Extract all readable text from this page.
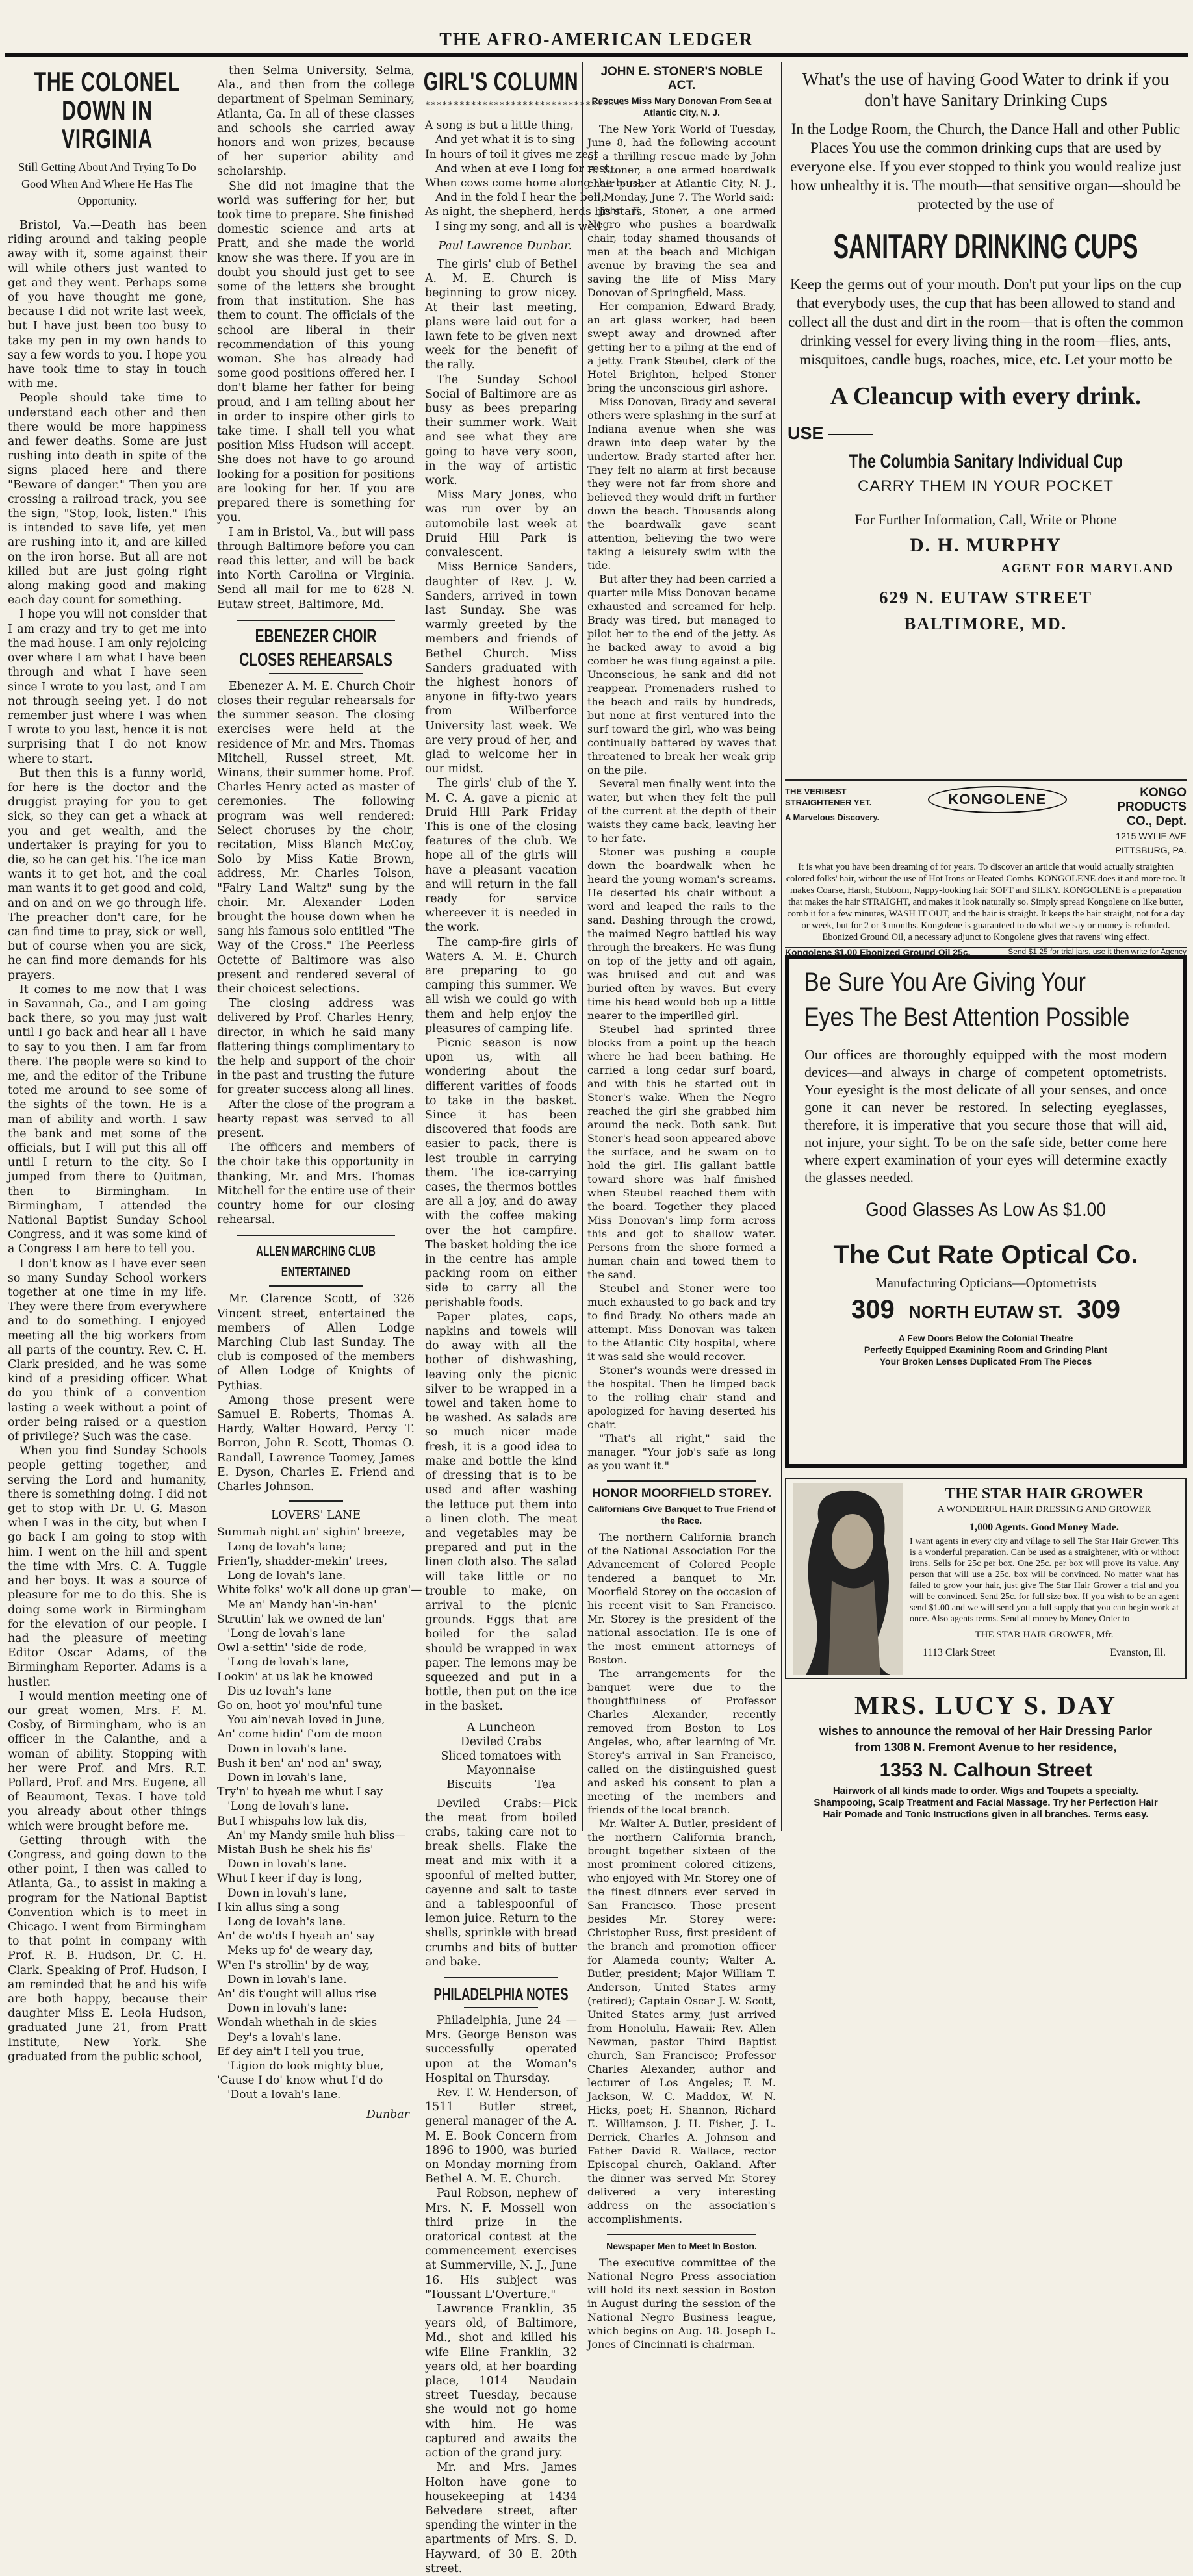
THE AFRO-AMERICAN LEDGER
THE COLONEL DOWN IN VIRGINIA
Still Getting About And Trying To Do Good When And Where He Has The Opportunity.

Bristol, Va.—Death has been riding around and taking people away with it, some against their will while others just wanted to get and they went. Perhaps some of you have thought me gone, because I did not write last week, but I have just been too busy to take my pen in my own hands to say a few words to you. I hope you have took time to stay in touch with me.

People should take time to understand each other and then there would be more happiness and fewer deaths. Some are just rushing into death in spite of the signs placed here and there "Beware of danger." Then you are crossing a railroad track, you see the sign, "Stop, look, listen." This is intended to save life, yet men are rushing into it, and are killed on the iron horse. But all are not killed but are just going right along making good and making each day count for something.

I hope you will not consider that I am crazy and try to get me into the mad house. I am only rejoicing over where I am what I have been through and what I have seen since I wrote to you last, and I am not through seeing yet. I do not remember just where I was when I wrote to you last, hence it is not surprising that I do not know where to start.

But then this is a funny world, for here is the doctor and the druggist praying for you to get sick, so they can get a whack at you and get wealth, and the undertaker is praying for you to die, so he can get his. The ice man wants it to get hot, and the coal man wants it to get good and cold, and on and on we go through life. The preacher don't care, for he can find time to pray, sick or well, but of course when you are sick, he can find more demands for his prayers.

It comes to me now that I was in Savannah, Ga., and I am going back there, so you may just wait until I go back and hear all I have to say to you then. I am far from there. The people were so kind to me, and the editor of the Tribune toted me around to see some of the sights of the town. He is a man of ability and worth. I saw the bank and met some of the officials, but I will put this all off until I return to the city. So I jumped from there to Quitman, then to Birmingham. In Birmingham, I attended the National Baptist Sunday School Congress, and it was some kind of a Congress I am here to tell you.

I don't know as I have ever seen so many Sunday School workers together at one time in my life. They were there from everywhere and to do something. I enjoyed meeting all the big workers from all parts of the country. Rev. C. H. Clark presided, and he was some kind of a presiding officer. What do you think of a convention lasting a week without a point of order being raised or a question of privilege? Such was the case.

When you find Sunday Schools people getting together, and serving the Lord and humanity, there is something doing. I did not get to stop with Dr. U. G. Mason when I was in the city, but when I go back I am going to stop with him. I went on the hill and spent the time with Mrs. C. A. Tuggle and her boys. It was a source of pleasure for me to do this. She is doing some work in Birmingham for the elevation of our people. I had the pleasure of meeting Editor Oscar Adams, of the Birmingham Reporter. Adams is a hustler.

I would mention meeting one of our great women, Mrs. F. M. Cosby, of Birmingham, who is an officer in the Calanthe, and a woman of ability. Stopping with her were Prof. and Mrs. R.T. Pollard, Prof. and Mrs. Eugene, all of Beaumont, Texas. I have told you already about other things which were brought before me.

Getting through with the Congress, and going down to the other point, I then was called to Atlanta, Ga., to assist in making a program for the National Baptist Convention which is to meet in Chicago. I went from Birmingham to that point in company with Prof. R. B. Hudson, Dr. C. H. Clark. Speaking of Prof. Hudson, I am reminded that he and his wife are both happy, because their daughter Miss E. Leola Hudson, graduated June 21, from Pratt Institute, New York. She graduated from the public school,

then Selma University, Selma, Ala., and then from the college department of Spelman Seminary, Atlanta, Ga. In all of these classes and schools she carried away honors and won prizes, because of her superior ability and scholarship.

She did not imagine that the world was suffering for her, but took time to prepare. She finished domestic science and arts at Pratt, and she made the world know she was there. If you are in doubt you should just get to see some of the letters she brought from that institution. She has them to count. The officials of the school are liberal in their recommendation of this young woman. She has already had some good positions offered her. I don't blame her father for being proud, and I am telling about her in order to inspire other girls to take time. I shall tell you what position Miss Hudson will accept. She does not have to go around looking for a position for positions are looking for her. If you are prepared there is something for you.

I am in Bristol, Va., but will pass through Baltimore before you can read this letter, and will be back into North Carolina or Virginia. Send all mail for me to 628 N. Eutaw street, Baltimore, Md.

EBENEZER CHOIR
CLOSES REHEARSALS

Ebenezer A. M. E. Church Choir closes their regular rehearsals for the summer season. The closing exercises were held at the residence of Mr. and Mrs. Thomas Mitchell, Russel street, Mt. Winans, their summer home. Prof. Charles Henry acted as master of ceremonies. The following program was well rendered: Select choruses by the choir, recitation, Miss Blanch McCoy, Solo by Miss Katie Brown, address, Mr. Charles Tolson, "Fairy Land Waltz" sung by the choir. Mr. Alexander Loden brought the house down when he sang his famous solo entitled "The Way of the Cross." The Peerless Octette of Baltimore was also present and rendered several of their choicest selections.

The closing address was delivered by Prof. Charles Henry, director, in which he said many flattering things complimentary to the help and support of the choir in the past and trusting the future for greater success along all lines.

After the close of the program a hearty repast was served to all present.

The officers and members of the choir take this opportunity in thanking, Mr. and Mrs. Thomas Mitchell for the entire use of their country home for our closing rehearsal.

ALLEN MARCHING CLUB ENTERTAINED

Mr. Clarence Scott, of 326 Vincent street, entertained the members of Allen Lodge Marching Club last Sunday. The club is composed of the members of Allen Lodge of Knights of Pythias.

Among those present were Samuel E. Roberts, Thomas A. Hardy, Walter Howard, Percy T. Borron, John R. Scott, Thomas O. Randall, Lawrence Toomey, James E. Dyson, Charles E. Friend and Charles Johnson.

LOVERS' LANE
Summah night an' sighin' breeze,
Long de lovah's lane;
Frien'ly, shadder-mekin' trees,
Long de lovah's lane.
White folks' wo'k all done up gran'—
Me an' Mandy han'-in-han'
Struttin' lak we owned de lan'
'Long de lovah's lane
Owl a-settin' 'side de rode,
'Long de lovah's lane,
Lookin' at us lak he knowed
Dis uz lovah's lane
Go on, hoot yo' mou'nful tune
You ain'nevah loved in June,
An' come hidin' f'om de moon
Down in lovah's lane.
Bush it ben' an' nod an' sway,
Down in lovah's lane,
Try'n' to hyeah me whut I say
'Long de lovah's lane.
But I whispahs low lak dis,
An' my Mandy smile huh bliss—
Mistah Bush he shek his fis'
Down in lovah's lane.
Whut I keer if day is long,
Down in lovah's lane,
I kin allus sing a song
Long de lovah's lane.
An' de wo'ds I hyeah an' say
Meks up fo' de weary day,
W'en I's strollin' by de way,
Down in lovah's lane.
An' dis t'ought will allus rise
Down in lovah's lane:
Wondah whethah in de skies
Dey's a lovah's lane.
Ef dey ain't I tell you true,
'Ligion do look mighty blue,
'Cause I do' know whut I'd do
'Dout a lovah's lane.
Dunbar
GIRL'S COLUMN
***********************************
A song is but a little thing,
And yet what it is to sing
In hours of toil it gives me zest
And when at eve I long for rest;
When cows come home along the bars,
And in the fold I hear the bell,
As night, the shepherd, herds his stars,
I sing my song, and all is well
Paul Lawrence Dunbar.

The girls' club of Bethel A. M. E. Church is beginning to grow nicey. At their last meeting, plans were laid out for a lawn fete to be given next week for the benefit of the rally.

The Sunday School Social of Baltimore are as busy as bees preparing their summer work. Wait and see what they are going to have very soon, in the way of artistic work.

Miss Mary Jones, who was run over by an automobile last week at Druid Hill Park is convalescent.

Miss Bernice Sanders, daughter of Rev. J. W. Sanders, arrived in town last Sunday. She was warmly greeted by the members and friends of Bethel Church. Miss Sanders graduated with the highest honors of anyone in fifty-two years from Wilberforce University last week. We are very proud of her, and glad to welcome her in our midst.

The girls' club of the Y. M. C. A. gave a picnic at Druid Hill Park Friday This is one of the closing features of the club. We hope all of the girls will have a pleasant vacation and will return in the fall ready for service whereever it is needed in the work.

The camp-fire girls of Waters A. M. E. Church are preparing to go camping this summer. We all wish we could go with them and help enjoy the pleasures of camping life.

Picnic season is now upon us, with all wondering about the different varities of foods to take in the basket. Since it has been discovered that foods are easier to pack, there is lest trouble in carrying them. The ice-carrying cases, the thermos bottles are all a joy, and do away with the coffee making over the hot campfire. The basket holding the ice in the centre has ample packing room on either side to carry all the perishable foods.

Paper plates, caps, napkins and towels will do away with all the bother of dishwashing, leaving only the picnic silver to be wrapped in a towel and taken home to be washed. As salads are so much nicer made fresh, it is a good idea to make and bottle the kind of dressing that is to be used and after washing the lettuce put them into a linen cloth. The meat and vegetables may be prepared and put in the linen cloth also. The salad will take little or no trouble to make, on arrival to the picnic grounds. Eggs that are boiled for the salad should be wrapped in wax paper. The lemons may be squeezed and put in a bottle, then put on the ice in the basket.

A Luncheon
Deviled Crabs
Sliced tomatoes with Mayonnaise
Biscuits	Tea

Deviled Crabs:—Pick the meat from boiled crabs, taking care not to break shells. Flake the meat and mix with it a spoonful of melted butter, cayenne and salt to taste and a tablespoonful of lemon juice. Return to the shells, sprinkle with bread crumbs and bits of butter and bake.

PHILADELPHIA NOTES

Philadelphia, June 24 — Mrs. George Benson was successfully operated upon at the Woman's Hospital on Thursday.

Rev. T. W. Henderson, of 1511 Butler street, general manager of the A. M. E. Book Concern from 1896 to 1900, was buried on Monday morning from Bethel A. M. E. Church.

Paul Robson, nephew of Mrs. N. F. Mossell won third prize in the oratorical contest at the commencement exercises at Summerville, N. J., June 16. His subject was "Toussant L'Overture."

Lawrence Franklin, 35 years old, of Baltimore, Md., shot and killed his wife Eline Franklin, 32 years old, at her boarding place, 1014 Naudain street Tuesday, because she would not go home with him. He was captured and awaits the action of the grand jury.

Mr. and Mrs. James Holton have gone to housekeeping at 1434 Belvedere street, after spending the winter in the apartments of Mrs. S. D. Hayward, of 30 E. 20th street.

JOHN E. STONER'S NOBLE ACT.
Rescues Miss Mary Donovan From Sea at Atlantic City, N. J.

The New York World of Tuesday, June 8, had the following account of a thrilling rescue made by John E. Stoner, a one armed boardwalk chair pusher at Atlantic City, N. J., on Monday, June 7. The World said:

John E. Stoner, a one armed Negro who pushes a boardwalk chair, today shamed thousands of men at the beach and Michigan avenue by braving the sea and saving the life of Miss Mary Donovan of Springfield, Mass.

Her companion, Edward Brady, an art glass worker, had been swept away and drowned after getting her to a piling at the end of a jetty. Frank Steubel, clerk of the Hotel Brighton, helped Stoner bring the unconscious girl ashore.

Miss Donovan, Brady and several others were splashing in the surf at Indiana avenue when she was drawn into deep water by the undertow. Brady started after her. They felt no alarm at first because they were not far from shore and believed they would drift in further down the beach. Thousands along the boardwalk gave scant attention, believing the two were taking a leisurely swim with the tide.

But after they had been carried a quarter mile Miss Donovan became exhausted and screamed for help. Brady was tired, but managed to pilot her to the end of the jetty. As he backed away to avoid a big comber he was flung against a pile. Unconscious, he sank and did not reappear. Promenaders rushed to the beach and rails by hundreds, but none at first ventured into the surf toward the girl, who was being continually battered by waves that threatened to break her weak grip on the pile.

Several men finally went into the water, but when they felt the pull of the current at the depth of their waists they came back, leaving her to her fate.

Stoner was pushing a couple down the boardwalk when he heard the young woman's screams. He deserted his chair without a word and leaped the rails to the sand. Dashing through the crowd, the maimed Negro battled his way through the breakers. He was flung on top of the jetty and off again, was bruised and cut and was buried often by waves. But every time his head would bob up a little nearer to the imperilled girl.

Steubel had sprinted three blocks from a point up the beach where he had been bathing. He carried a long cedar surf board, and with this he started out in Stoner's wake. When the Negro reached the girl she grabbed him around the neck. Both sank. But Stoner's head soon appeared above the surface, and he swam on to hold the girl. His gallant battle toward shore was half finished when Steubel reached them with the board. Together they placed Miss Donovan's limp form across this and got to shallow water. Persons from the shore formed a human chain and towed them to the sand.

Steubel and Stoner were too much exhausted to go back and try to find Brady. No others made an attempt. Miss Donovan was taken to the Atlantic City hospital, where it was said she would recover.

Stoner's wounds were dressed in the hospital. Then he limped back to the rolling chair stand and apologized for having deserted his chair.

"That's all right," said the manager. "Your job's safe as long as you want it."

HONOR MOORFIELD STOREY.
Californians Give Banquet to True Friend of the Race.

The northern California branch of the National Association For the Advancement of Colored People tendered a banquet to Mr. Moorfield Storey on the occasion of his recent visit to San Francisco. Mr. Storey is the president of the national association. He is one of the most eminent attorneys of Boston.

The arrangements for the banquet were due to the thoughtfulness of Professor Charles Alexander, recently removed from Boston to Los Angeles, who, after learning of Mr. Storey's arrival in San Francisco, called on the distinguished guest and asked his consent to plan a meeting of the members and friends of the local branch.

Mr. Walter A. Butler, president of the northern California branch, brought together sixteen of the most prominent colored citizens, who enjoyed with Mr. Storey one of the finest dinners ever served in San Francisco. Those present besides Mr. Storey were: Christopher Russ, first president of the branch and promotion officer for Alameda county; Walter A. Butler, president; Major William T. Anderson, United States army (retired); Captain Oscar J. W. Scott, United States army, just arrived from Honolulu, Hawaii; Rev. Allen Newman, pastor Third Baptist church, San Francisco; Professor Charles Alexander, author and lecturer of Los Angeles; F. M. Jackson, W. C. Maddox, W. N. Hicks, poet; H. Shannon, Richard E. Williamson, J. H. Fisher, J. L. Derrick, Charles A. Johnson and Father David R. Wallace, rector Episcopal church, Oakland. After the dinner was served Mr. Storey delivered a very interesting address on the association's accomplishments.

Newspaper Men to Meet In Boston.

The executive committee of the National Negro Press association will hold its next session in Boston in August during the session of the National Negro Business league, which begins on Aug. 18. Joseph L. Jones of Cincinnati is chairman.

What's the use of having Good Water to drink if you don't have Sanitary Drinking Cups
In the Lodge Room, the Church, the Dance Hall and other Public Places You use the common drinking cups that are used by everyone else. If you ever stopped to think you would realize just how unhealthy it is. The mouth—that sensitive organ—should be protected by the use of
SANITARY DRINKING CUPS
Keep the germs out of your mouth. Don't put your lips on the cup that everybody uses, the cup that has been allowed to stand and collect all the dust and dirt in the room—that is often the common drinking vessel for every living thing in the room—flies, ants, misquitoes, candle bugs, roaches, mice, etc. Let your motto be
A Cleancup with every drink.
USE
The Columbia Sanitary Individual Cup
CARRY THEM IN YOUR POCKET
For Further Information, Call, Write or Phone
D. H. MURPHY
AGENT FOR MARYLAND
629 N. EUTAW STREET
BALTIMORE, MD.
THE VERIBEST
STRAIGHTENER YET.
A Marvelous Discovery.
KONGOLENE	KONGO
PRODUCTS
CO., Dept.
1215 WYLIE AVE
PITTSBURG, PA.
It is what you have been dreaming of for years. To discover an article that would actually straighten colored folks' hair, without the use of Hot Irons or Heated Combs. KONGOLENE does it and more too. It makes Coarse, Harsh, Stubborn, Nappy-looking hair SOFT and SILKY. KONGOLENE is a preparation that makes the hair STRAIGHT, and makes it look naturally so. Simply spread Kongolene on like butter, comb it for a few minutes, WASH IT OUT, and the hair is straight. It keeps the hair straight, not for a day or week, but for 2 or 3 months. Kongolene is guaranteed to do what we say or money is refunded. Ebonized Ground Oil, a necessary adjunct to Kongolene gives that ravens' wing effect.
Kongolene $1.00 Ebonized Ground Oil 25c.	Send $1.25 for trial jars, use it then write for Agency
Be Sure You Are Giving Your
Eyes The Best Attention Possible
Our offices are thoroughly equipped with the most modern devices—and always in charge of competent optometrists. Your eyesight is the most delicate of all your senses, and once gone it can never be restored. In selecting eyeglasses, therefore, it is imperative that you secure those that will aid, not injure, your sight. To be on the safe side, better come here where expert examination of your eyes will determine exactly the glasses needed.
Good Glasses As Low As $1.00
The Cut Rate Optical Co.
Manufacturing Opticians—Optometrists
309 NORTH EUTAW ST. 309
A Few Doors Below the Colonial Theatre
Perfectly Equipped Examining Room and Grinding Plant
Your Broken Lenses Duplicated From The Pieces
THE STAR HAIR GROWER
A WONDERFUL HAIR DRESSING AND GROWER
1,000 Agents. Good Money Made.
I want agents in every city and village to sell The Star Hair Grower. This is a wonderful preparation. Can be used as a straightener, with or without irons. Sells for 25c per box. One 25c. per box will prove its value. Any person that will use a 25c. box will be convinced. No matter what has failed to grow your hair, just give The Star Hair Grower a trial and you will be convinced. Send 25c. for full size box. If you wish to be an agent send $1.00 and we will send you a full supply that you can begin work at once. Also agents terms. Send all money by Money Order to
THE STAR HAIR GROWER, Mfr.
1113 Clark Street	Evanston, Ill.
MRS. LUCY S. DAY
wishes to announce the removal of her Hair Dressing Parlor
from 1308 N. Fremont Avenue to her residence,
1353 N. Calhoun Street
Hairwork of all kinds made to order. Wigs and Toupets a specialty.
Shampooing, Scalp Treatment and Facial Massage. Try her Perfection Hair
Hair Pomade and Tonic Instructions given in all branches. Terms easy.
